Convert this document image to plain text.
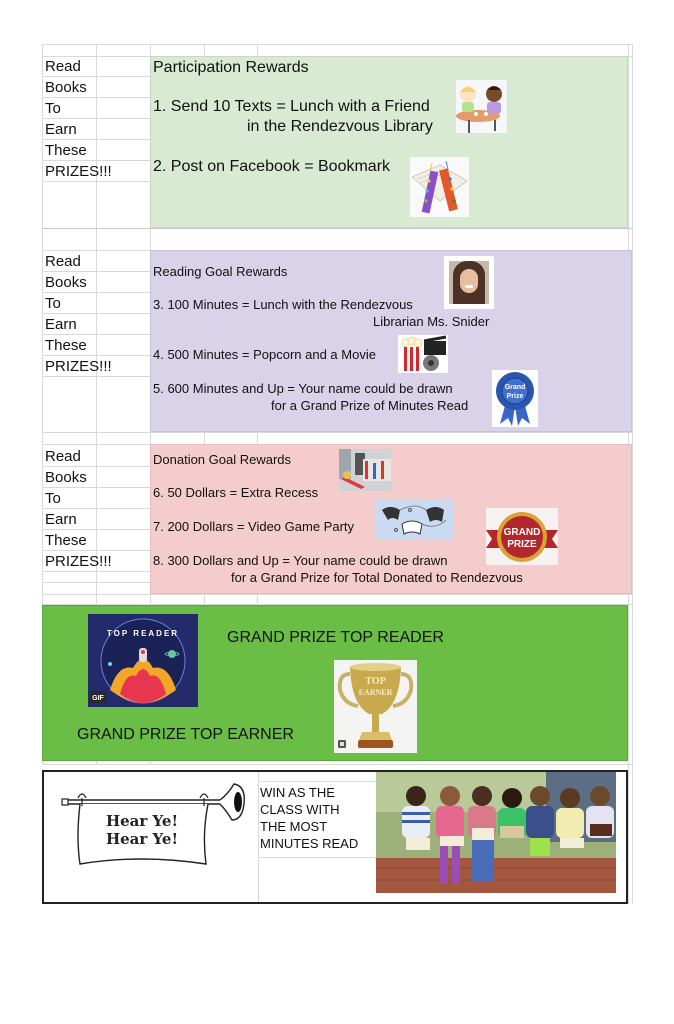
Read
Books
To
Earn
These
PRIZES!!!
Participation Rewards
1. Send 10 Texts = Lunch with a Friend
in the Rendezvous Library
2. Post on Facebook = Bookmark
Read
Books
To
Earn
These
PRIZES!!!
Reading Goal Rewards
3. 100 Minutes = Lunch with the Rendezvous
Librarian Ms. Snider
4. 500 Minutes = Popcorn and a Movie
5. 600 Minutes and Up = Your name could be drawn
for a Grand Prize of Minutes Read
Grand
Prize
Read
Books
To
Earn
These
PRIZES!!!
Donation Goal Rewards
6. 50 Dollars = Extra Recess
7. 200 Dollars = Video Game Party
8. 300 Dollars and Up = Your name could be drawn
for a Grand Prize for Total Donated to Rendezvous
GRAND
PRIZE
TOP READER
GIF
GRAND PRIZE TOP READER
GRAND PRIZE TOP EARNER
TOP
EARNER
Hear Ye!
Hear Ye!
WIN AS THE
CLASS WITH
THE MOST
MINUTES READ
